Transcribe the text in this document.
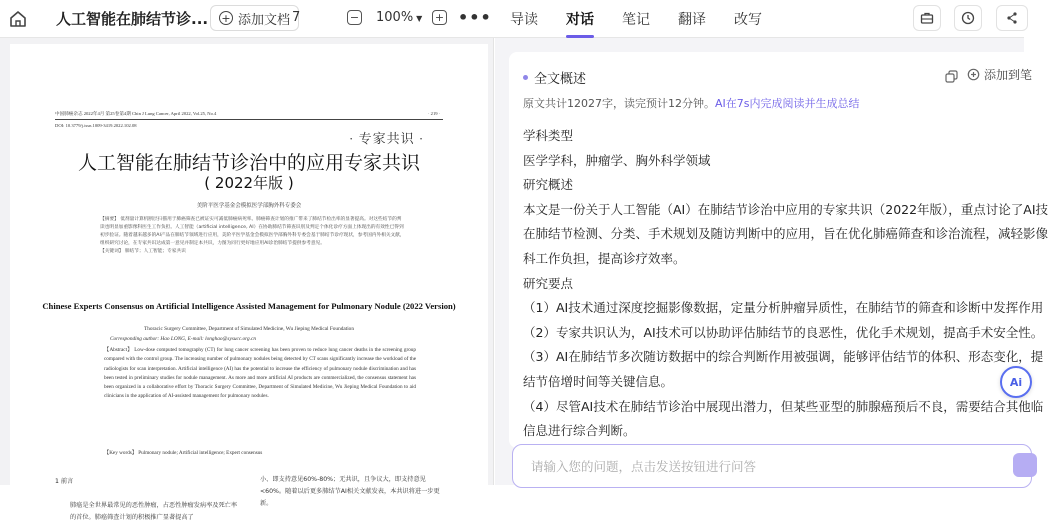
人工智能在肺结节诊... + 添加文档 7	− 100% ▼ + ••• 导读	对话	笔记	翻译	改写
中国肺癌杂志 2022年4月 第25卷第4期 Chin J Lung Cancer, April 2022, Vol.25, No.4	· 219 ·
DOI: 10.3779/j.issn.1009-3419.2022.102.08
· 专家共识 ·
人工智能在肺结节诊治中的应用专家共识
( 2022年版 )
美阶平医学基金会模拟医学部胸外科专委会
【摘要】 低剂量计算机断层扫描用于肺癌筛查已被证实可减低肺癌病死率。肺癌筛查计划的推广带来了肺结节检出率的显著提高。对这些结节的判读也明显加重影像科医生工作负担。人工智能（artificial intelligence, AI）在协助肺结节筛查识别及判定个体化诊疗方面上体现出的有效性已得到初步验证。随着越来越多的AI产品在肺结节领域进行应用，美阶平医学基金会模拟医学部胸外科专委会基于肺结节诊疗现状，参考国内外相关文献，组织研究讨论，在专家共识达成第一意见并制定本共识，力图为同行更好地应用AI诊治肺结节提供参考意见。
【关键词】 肺结节；人工智能；专家共识
Chinese Experts Consensus on Artificial Intelligence Assisted Management for Pulmonary Nodule (2022 Version)
Thoracic Surgery Committee, Department of Simulated Medicine, Wu Jieping Medical Foundation
Corresponding author: Hao LONG, E-mail: longhao@sysucc.org.cn
【Abstract】 Low-dose computed tomography (CT) for lung cancer screening has been proven to reduce lung cancer deaths in the screening group compared with the control group. The increasing number of pulmonary nodules being detected by CT scans significantly increase the workload of the radiologists for scan interpretation. Artificial intelligence (AI) has the potential to increase the efficiency of pulmonary nodule discrimination and has been tested in preliminary studies for nodule management. As more and more artificial AI products are commercialized, the consensus statement has been organized in a collaborative effort by Thoracic Surgery Committee, Department of Simulated Medicine, Wu Jieping Medical Foundation to aid clinicians in the application of AI-assisted management for pulmonary nodules.
【Key words】 Pulmonary nodule; Artificial intelligence; Expert consensus
1 前言
肺癌是全世界最常见的恶性肿瘤，占恶性肿瘤发病率及死亡率的首位。肺癌筛查计划的积极推广显著提高了
小、即支持意见60%-80%；无共识，且争议大，即支持意见<60%。随着以后更多肺结节AI相关文献发表，本共识将进一步更新。
全文概述	添加到笔
原文共计12027字，读完预计12分钟。AI在7s内完成阅读并生成总结

学科类型

医学学科，肿瘤学、胸外科学领域

研究概述

本文是一份关于人工智能（AI）在肺结节诊治中应用的专家共识（2022年版），重点讨论了AI技

在肺结节检测、分类、手术规划及随访判断中的应用，旨在优化肺癌筛查和诊治流程，减轻影像

科工作负担，提高诊疗效率。

研究要点

（1）AI技术通过深度挖掘影像数据，定量分析肿瘤异质性，在肺结节的筛查和诊断中发挥作用

（2）专家共识认为，AI技术可以协助评估肺结节的良恶性，优化手术规划，提高手术安全性。

（3）AI在肺结节多次随访数据中的综合判断作用被强调，能够评估结节的体积、形态变化，提

结节倍增时间等关键信息。

（4）尽管AI技术在肺结节诊治中展现出潜力，但某些亚型的肺腺癌预后不良，需要结合其他临

信息进行综合判断。

Ai
请输入您的问题，点击发送按钮进行问答
